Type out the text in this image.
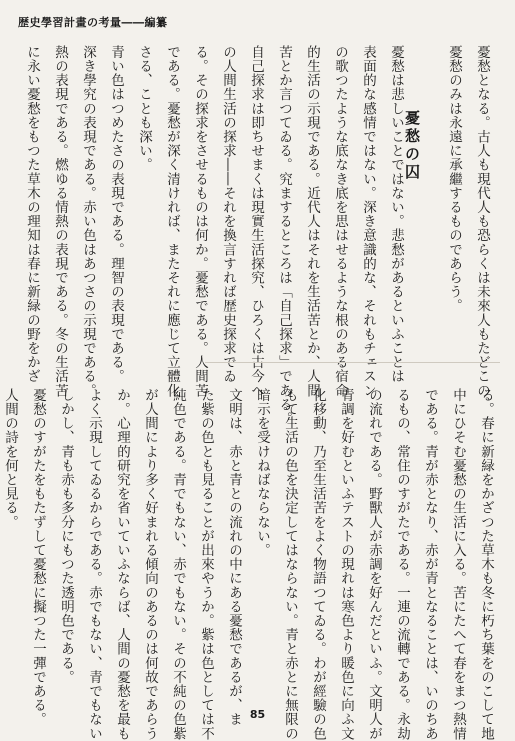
歴史學習計畫の考量――編纂
憂愁となる。古人も現代人も恐らくは未來人もたどこの
憂愁のみは永遠に承繼するものであらう。
憂愁の囚
憂愁は悲しいことではない。悲愁があるといふことは
表面的な感情ではない。深き意識的な、それもチェスン
の歌つたような底なき底を思はせるような根のある宿命
的生活の示現である。近代人はそれを生活苦とか、人間
苦とか言つてゐる。究まするところは「自己探求」である。
自己探求は即ちせまくは現實生活探究、ひろくは古今へ
の人間生活の探求――それを換言すれば歴史探求でゐ
る。その探求をさせるものは何か。憂愁である。人間苦
である。憂愁が深く清ければ、またそれに應じて立體化
さる、ことも深い。
青い色はつめたさの表現である。理智の表現である。
深き學究の表現である。赤い色はあつさの示現である。
熱の表現である。燃ゆる情熱の表現である。冬の生活苦
に永い憂愁をもつた草木の理知は春に新緑の野をかざ
る。春に新緑をかざつた草木も冬に朽ち葉をのこして地
中にひそむ憂愁の生活に入る。苦にたへて春をまつ熱情
である。青が赤となり、赤が青となることは、いのちあ
るもの、常住のすがたである。一連の流轉である。永劫
の流れである。野獸人が赤調を好んだといふ。文明人が
青調を好むといふテストの現れは寒色より暖色に向ふ文
化移動、乃至生活苦をよく物語つてゐる。わが經驗の色
もて生活の色を決定してはならない。青と赤とに無限の
暗示を受けねばならない。
文明は、赤と青との流れの中にある憂愁であるが、ま
た紫の色とも見ることが出來やうか。紫は色としては不
純色である。青でもない、赤でもない。その不純の色紫
が人間により多く好まれる傾向のあるのは何故であらう
か。心理的研究を省いていふならば、人間の憂愁を最も
よく示現してゐるからである。赤でもない、青でもない
しかし、青も赤も多分にもつた透明色である。
憂愁のすがたをもたずして憂愁に擬つた一彈である。
人間の詩を何と見る。
85
